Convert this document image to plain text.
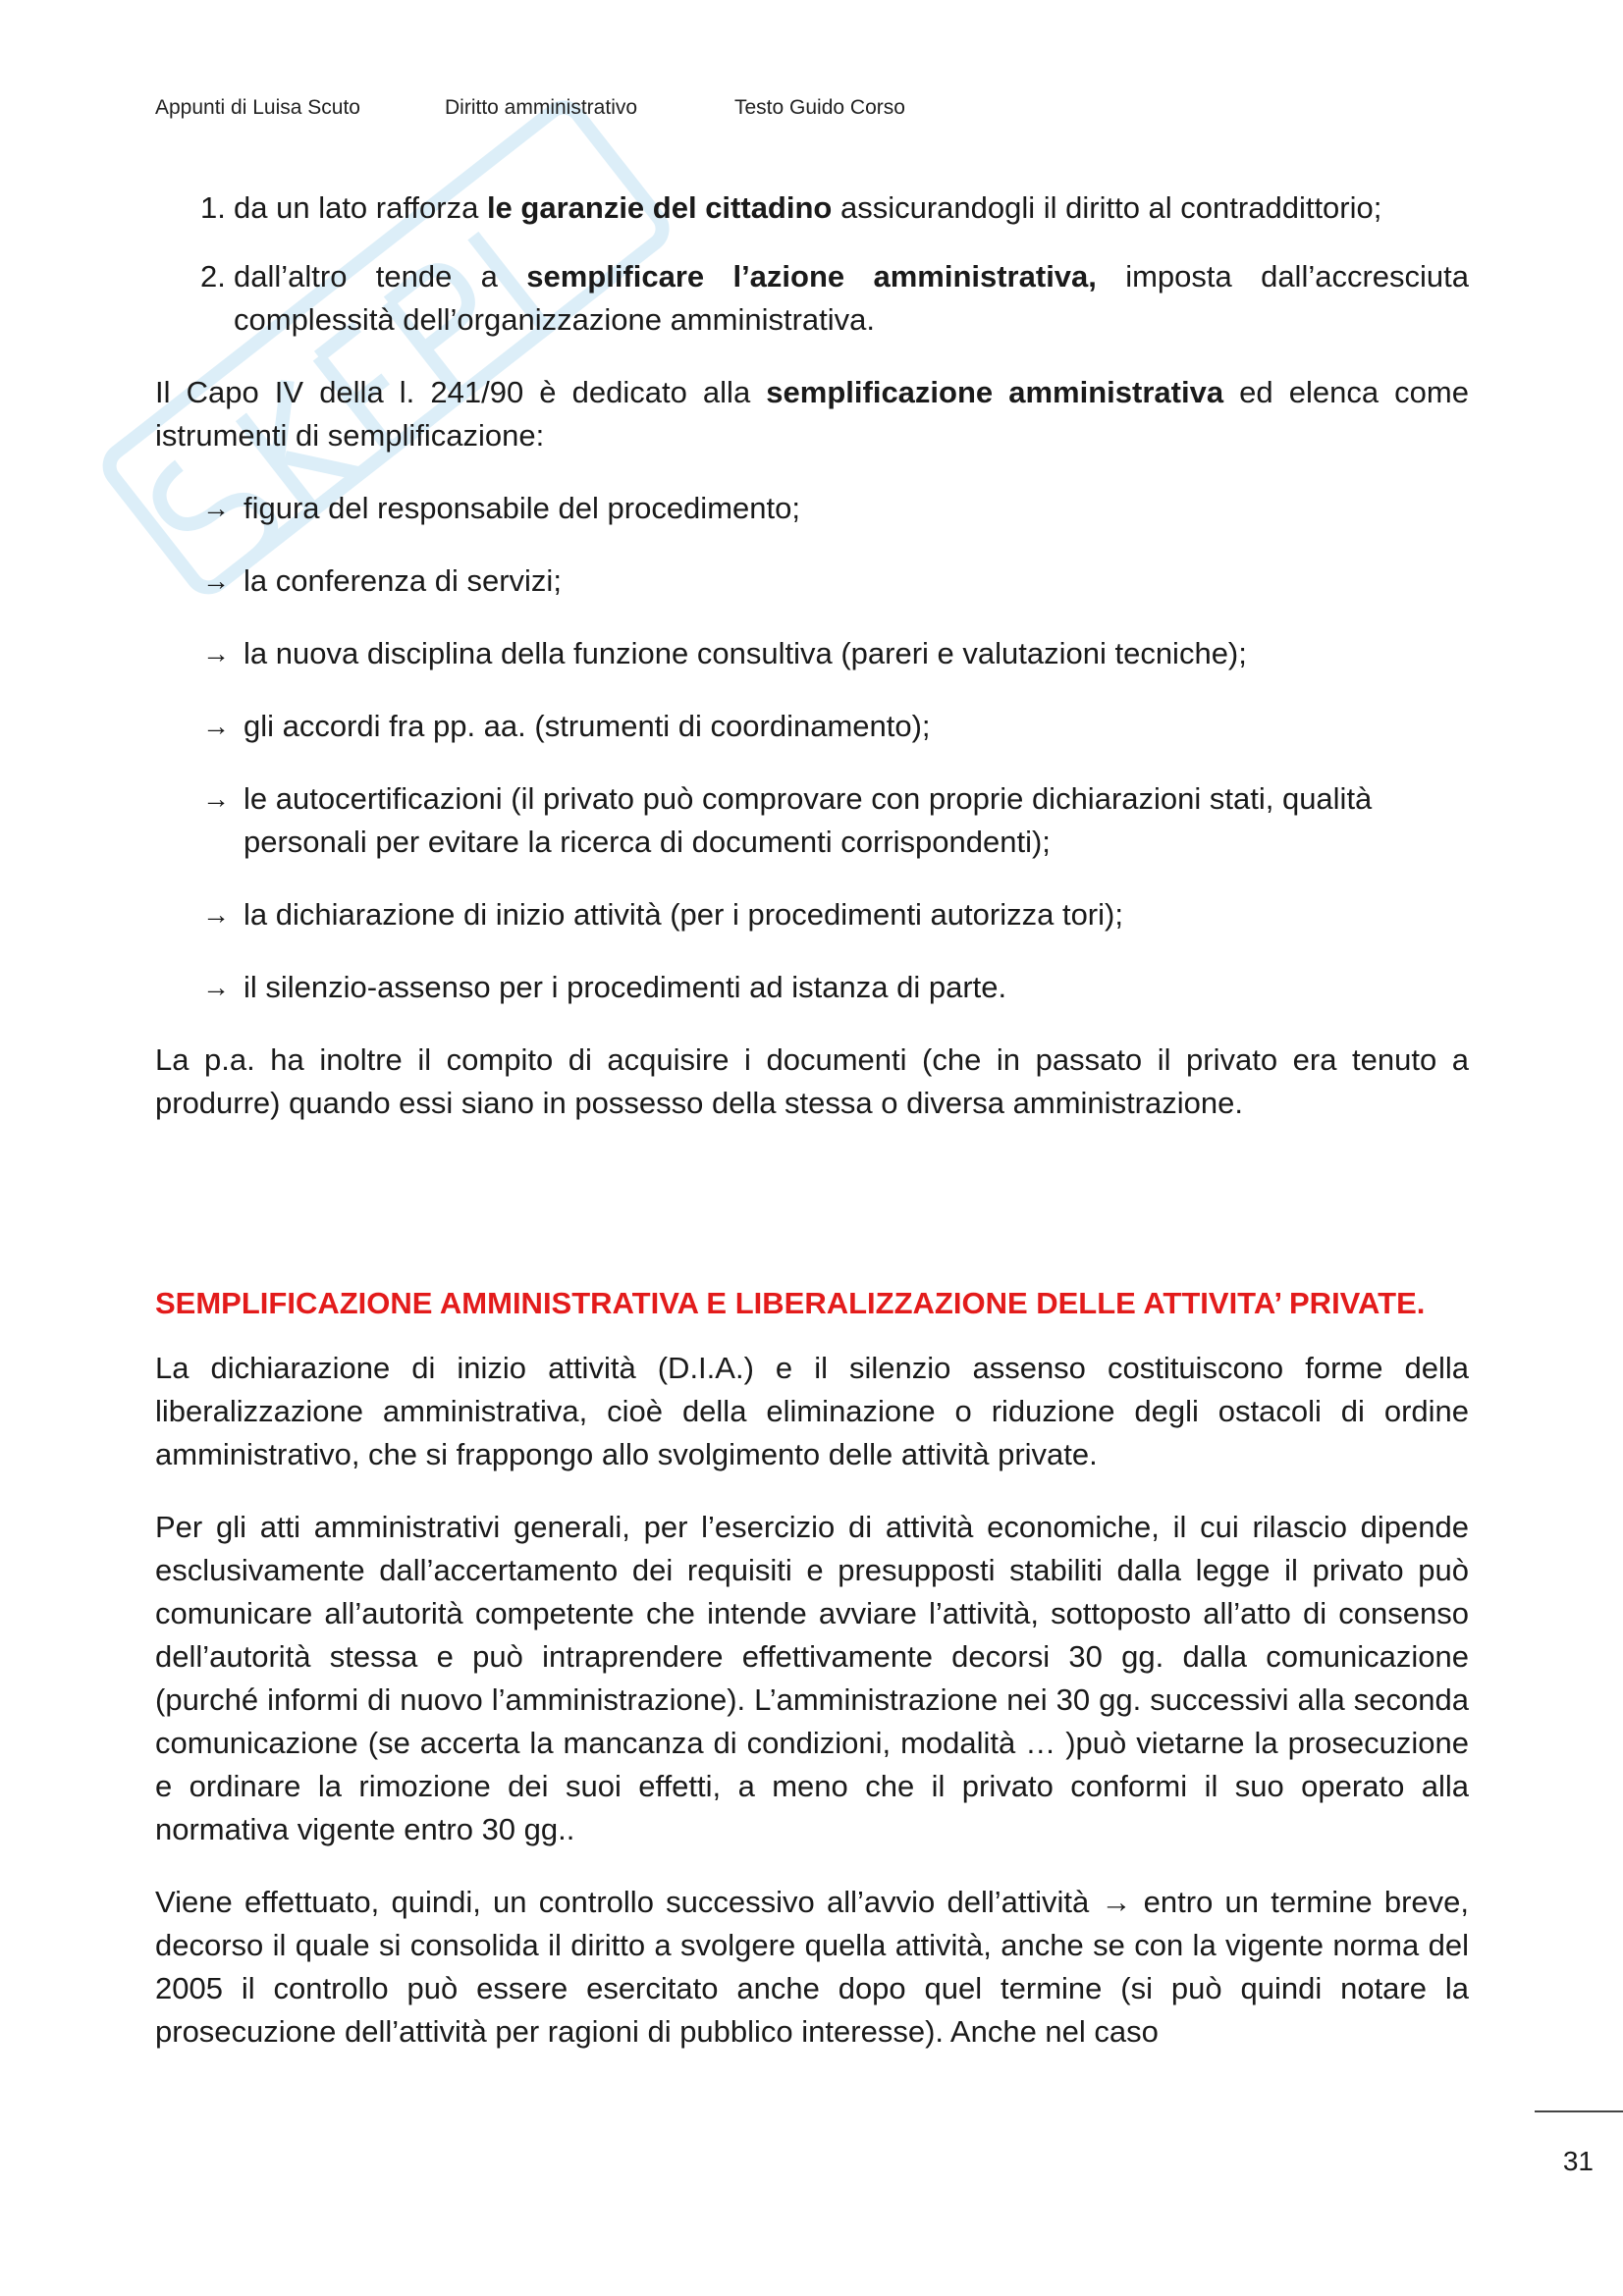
Appunti di Luisa Scuto	Diritto amministrativo	Testo Guido Corso
1. da un lato rafforza le garanzie del cittadino assicurandogli il diritto al contraddittorio;
2. dall’altro tende a semplificare l’azione amministrativa, imposta dall’accresciuta complessità dell’organizzazione amministrativa.

Il Capo IV della l. 241/90 è dedicato alla semplificazione amministrativa ed elenca come istrumenti di semplificazione:

→ figura del responsabile del procedimento;
→ la conferenza di servizi;
→ la nuova disciplina della funzione consultiva (pareri e valutazioni tecniche);
→ gli accordi fra pp. aa. (strumenti di coordinamento);
→ le autocertificazioni (il privato può comprovare con proprie dichiarazioni stati, qualità personali per evitare la ricerca di documenti corrispondenti);
→ la dichiarazione di inizio attività (per i procedimenti autorizza tori);
→ il silenzio-assenso per i procedimenti ad istanza di parte.

La p.a. ha inoltre il compito di acquisire i documenti (che in passato il privato era tenuto a produrre) quando essi siano in possesso della stessa o diversa amministrazione.

SEMPLIFICAZIONE AMMINISTRATIVA E LIBERALIZZAZIONE DELLE ATTIVITA’ PRIVATE.

La dichiarazione di inizio attività (D.I.A.) e il silenzio assenso costituiscono forme della liberalizzazione amministrativa, cioè della eliminazione o riduzione degli ostacoli di ordine amministrativo, che si frappongo allo svolgimento delle attività private.

Per gli atti amministrativi generali, per l’esercizio di attività economiche, il cui rilascio dipende esclusivamente dall’accertamento dei requisiti e presupposti stabiliti dalla legge il privato può comunicare all’autorità competente che intende avviare l’attività, sottoposto all’atto di consenso dell’autorità stessa e può intraprendere effettivamente decorsi 30 gg. dalla comunicazione (purché informi di nuovo l’amministrazione). L’amministrazione nei 30 gg. successivi alla seconda comunicazione (se accerta la mancanza di condizioni, modalità … )può vietarne la prosecuzione e ordinare la rimozione dei suoi effetti, a meno che il privato conformi il suo operato alla normativa vigente entro 30 gg..

Viene effettuato, quindi, un controllo successivo all’avvio dell’attività → entro un termine breve, decorso il quale si consolida il diritto a svolgere quella attività, anche se con la vigente norma del 2005 il controllo può essere esercitato anche dopo quel termine (si può quindi notare la prosecuzione dell’attività per ragioni di pubblico interesse). Anche nel caso

31
